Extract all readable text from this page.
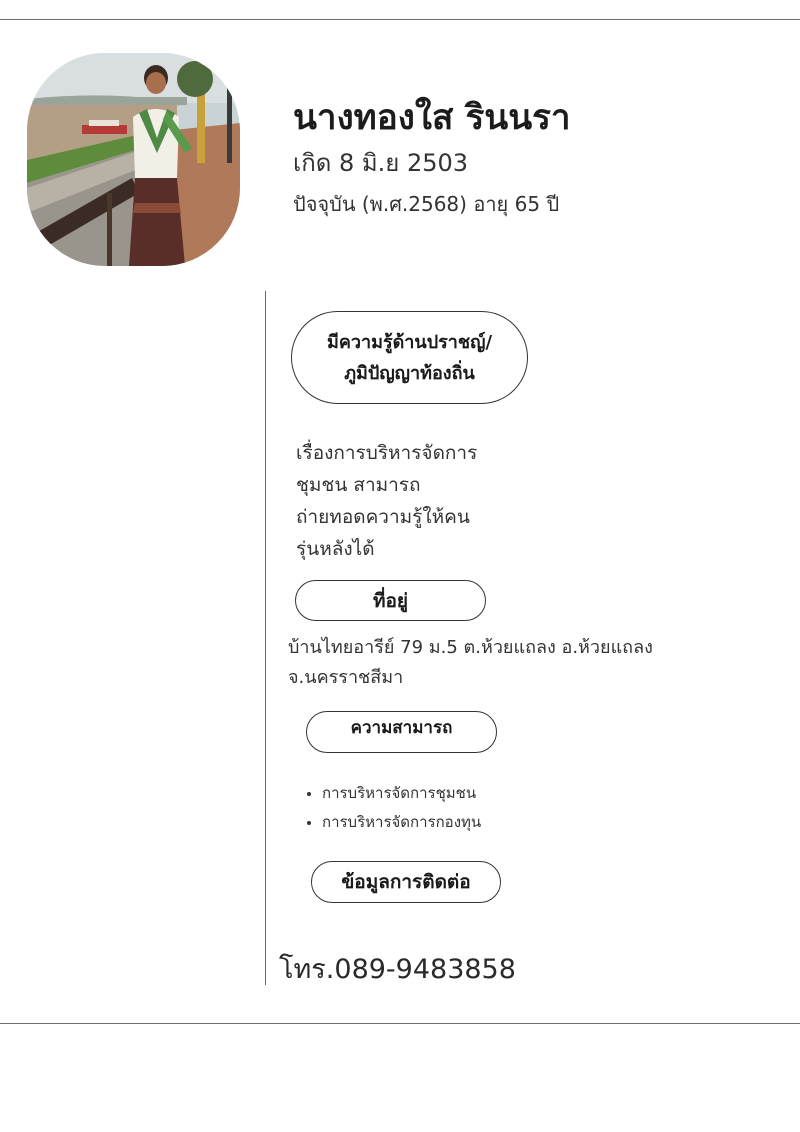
นางทองใส รินนรา
เกิด 8 มิ.ย 2503
ปัจจุบัน (พ.ศ.2568) อายุ 65 ปี
มีความรู้ด้านปราชญ์/
ภูมิปัญญาท้องถิ่น
เรื่องการบริหารจัดการ
ชุมชน สามารถ
ถ่ายทอดความรู้ให้คน
รุ่นหลังได้
ที่อยู่
บ้านไทยอารีย์ 79 ม.5 ต.ห้วยแถลง อ.ห้วยแถลง
จ.นครราชสีมา
ความสามารถ
การบริหารจัดการชุมชน
การบริหารจัดการกองทุน
ข้อมูลการติดต่อ
โทร.089-9483858
